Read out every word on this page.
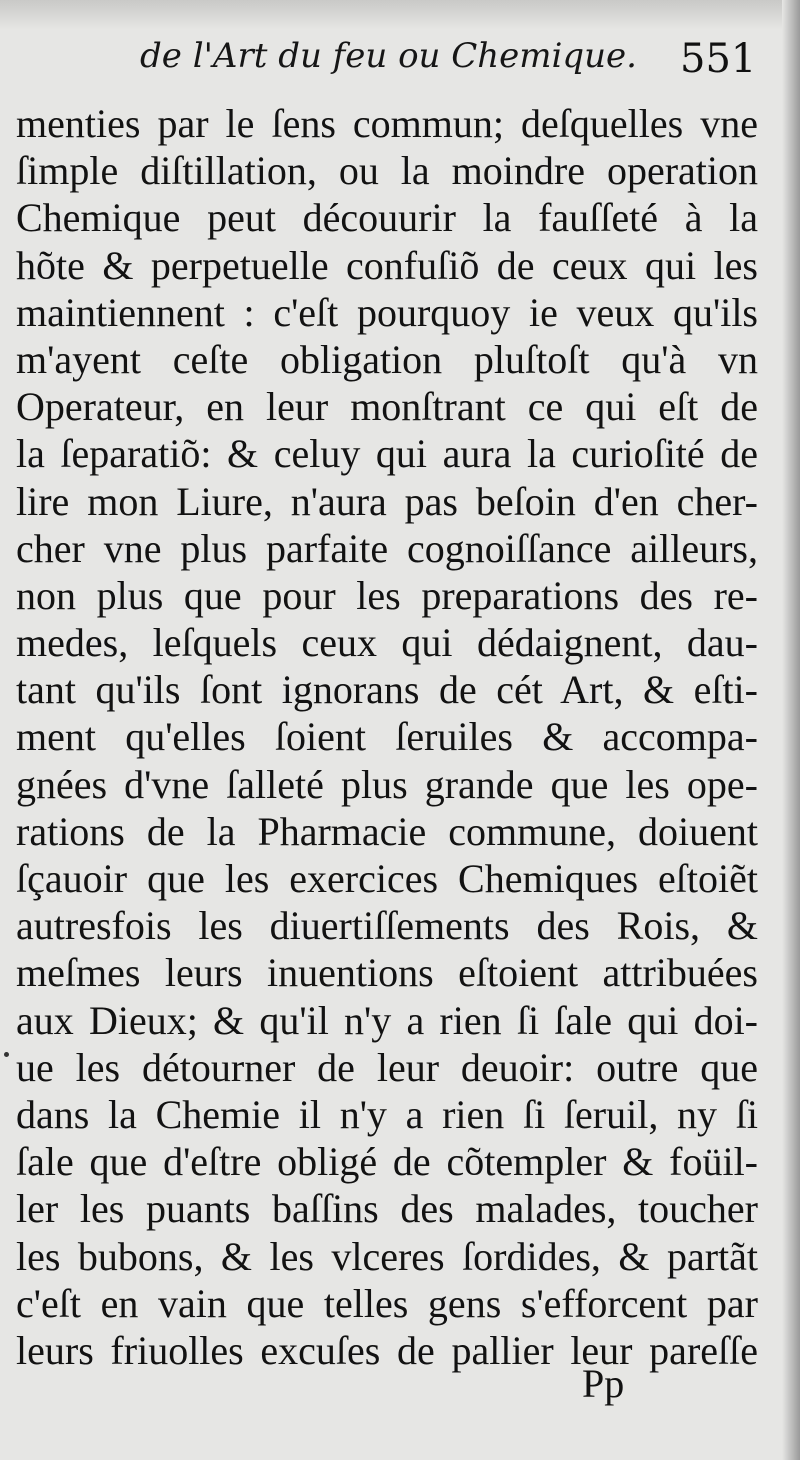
de l'Art du feu ou Chemique. 551
menties par le ſens commun; deſquelles vne
ſimple diſtillation, ou la moindre operation
Chemique peut découurir la fauſſeté à la
hõte & perpetuelle confuſiõ de ceux qui les
maintiennent : c'eſt pourquoy ie veux qu'ils
m'ayent ceſte obligation pluſtoſt qu'à vn
Operateur, en leur monſtrant ce qui eſt de
la ſeparatiõ: & celuy qui aura la curioſité de
lire mon Liure, n'aura pas beſoin d'en cher-
cher vne plus parfaite cognoiſſance ailleurs,
non plus que pour les preparations des re-
medes, leſquels ceux qui dédaignent, dau-
tant qu'ils ſont ignorans de cét Art, & eſti-
ment qu'elles ſoient ſeruiles & accompa-
gnées d'vne ſalleté plus grande que les ope-
rations de la Pharmacie commune, doiuent
ſçauoir que les exercices Chemiques eſtoiẽt
autresfois les diuertiſſements des Rois, &
meſmes leurs inuentions eſtoient attribuées
aux Dieux; & qu'il n'y a rien ſi ſale qui doi-
ue les détourner de leur deuoir: outre que
dans la Chemie il n'y a rien ſi ſeruil, ny ſi
ſale que d'eſtre obligé de cõtempler & foüil-
ler les puants baſſins des malades, toucher
les bubons, & les vlceres ſordides, & partãt
c'eſt en vain que telles gens s'efforcent par
leurs friuolles excuſes de pallier leur pareſſe
Pp
